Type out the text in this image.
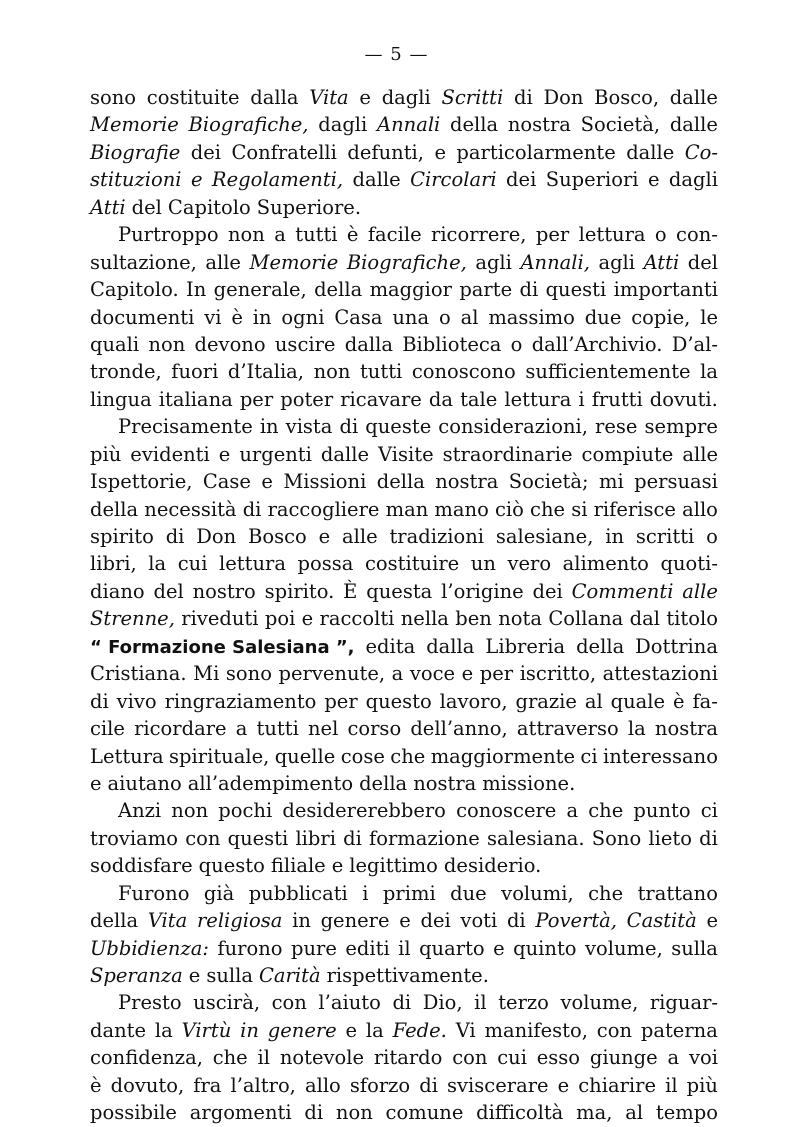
— 5 —
sono costituite dalla Vita e dagli Scritti di Don Bosco, dalle
Memorie Biografiche, dagli Annali della nostra Società, dalle
Biografie dei Confratelli defunti, e particolarmente dalle Co-
stituzioni e Regolamenti, dalle Circolari dei Superiori e dagli
Atti del Capitolo Superiore.
Purtroppo non a tutti è facile ricorrere, per lettura o con-
sultazione, alle Memorie Biografiche, agli Annali, agli Atti del
Capitolo. In generale, della maggior parte di questi importanti
documenti vi è in ogni Casa una o al massimo due copie, le
quali non devono uscire dalla Biblioteca o dall’Archivio. D’al-
tronde, fuori d’Italia, non tutti conoscono sufficientemente la
lingua italiana per poter ricavare da tale lettura i frutti dovuti.
Precisamente in vista di queste considerazioni, rese sempre
più evidenti e urgenti dalle Visite straordinarie compiute alle
Ispettorie, Case e Missioni della nostra Società; mi persuasi
della necessità di raccogliere man mano ciò che si riferisce allo
spirito di Don Bosco e alle tradizioni salesiane, in scritti o
libri, la cui lettura possa costituire un vero alimento quoti-
diano del nostro spirito. È questa l’origine dei Commenti alle
Strenne, riveduti poi e raccolti nella ben nota Collana dal titolo
“ Formazione Salesiana ”, edita dalla Libreria della Dottrina
Cristiana. Mi sono pervenute, a voce e per iscritto, attestazioni
di vivo ringraziamento per questo lavoro, grazie al quale è fa-
cile ricordare a tutti nel corso dell’anno, attraverso la nostra
Lettura spirituale, quelle cose che maggiormente ci interessano
e aiutano all’adempimento della nostra missione.
Anzi non pochi desidererebbero conoscere a che punto ci
troviamo con questi libri di formazione salesiana. Sono lieto di
soddisfare questo filiale e legittimo desiderio.
Furono già pubblicati i primi due volumi, che trattano
della Vita religiosa in genere e dei voti di Povertà, Castità e
Ubbidienza: furono pure editi il quarto e quinto volume, sulla
Speranza e sulla Carità rispettivamente.
Presto uscirà, con l’aiuto di Dio, il terzo volume, riguar-
dante la Virtù in genere e la Fede. Vi manifesto, con paterna
confidenza, che il notevole ritardo con cui esso giunge a voi
è dovuto, fra l’altro, allo sforzo di sviscerare e chiarire il più
possibile argomenti di non comune difficoltà ma, al tempo
